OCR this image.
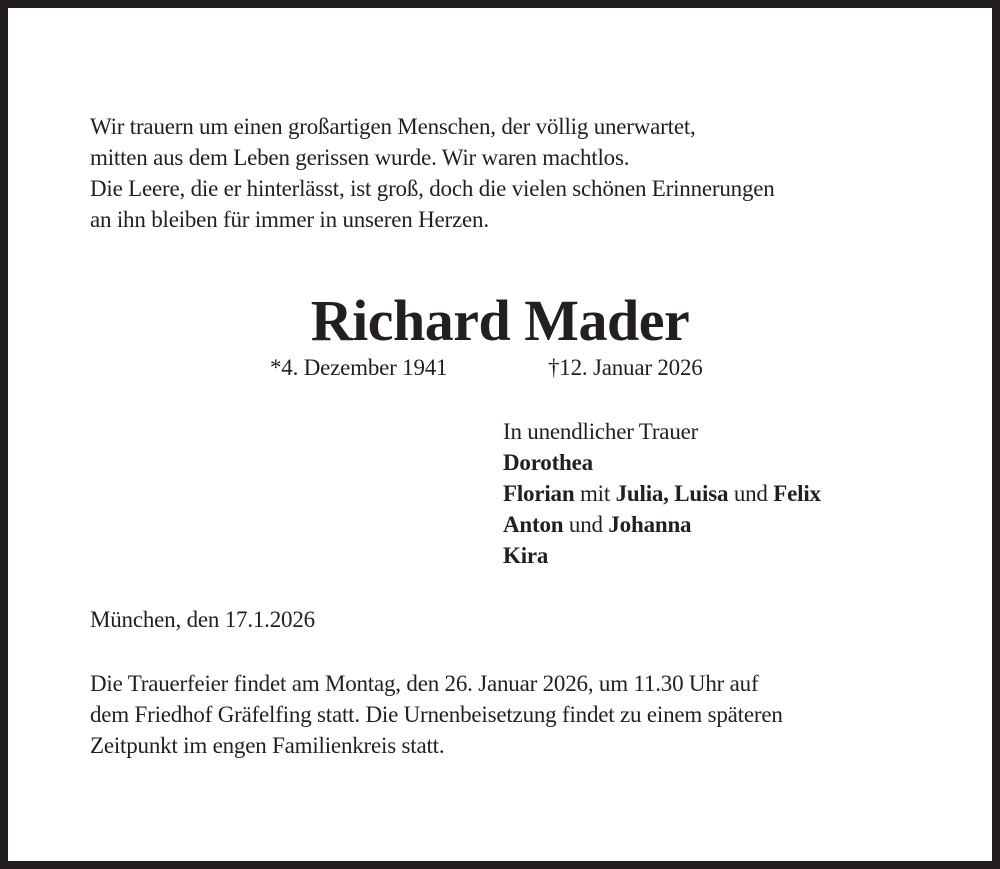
Wir trauern um einen großartigen Menschen, der völlig unerwartet,
mitten aus dem Leben gerissen wurde. Wir waren machtlos.
Die Leere, die er hinterlässt, ist groß, doch die vielen schönen Erinnerungen
an ihn bleiben für immer in unseren Herzen.
Richard Mader
*4. Dezember 1941	†12. Januar 2026
In unendlicher Trauer
Dorothea
Florian mit Julia, Luisa und Felix
Anton und Johanna
Kira
München, den 17.1.2026
Die Trauerfeier findet am Montag, den 26. Januar 2026, um 11.30 Uhr auf
dem Friedhof Gräfelfing statt. Die Urnenbeisetzung findet zu einem späteren
Zeitpunkt im engen Familienkreis statt.
